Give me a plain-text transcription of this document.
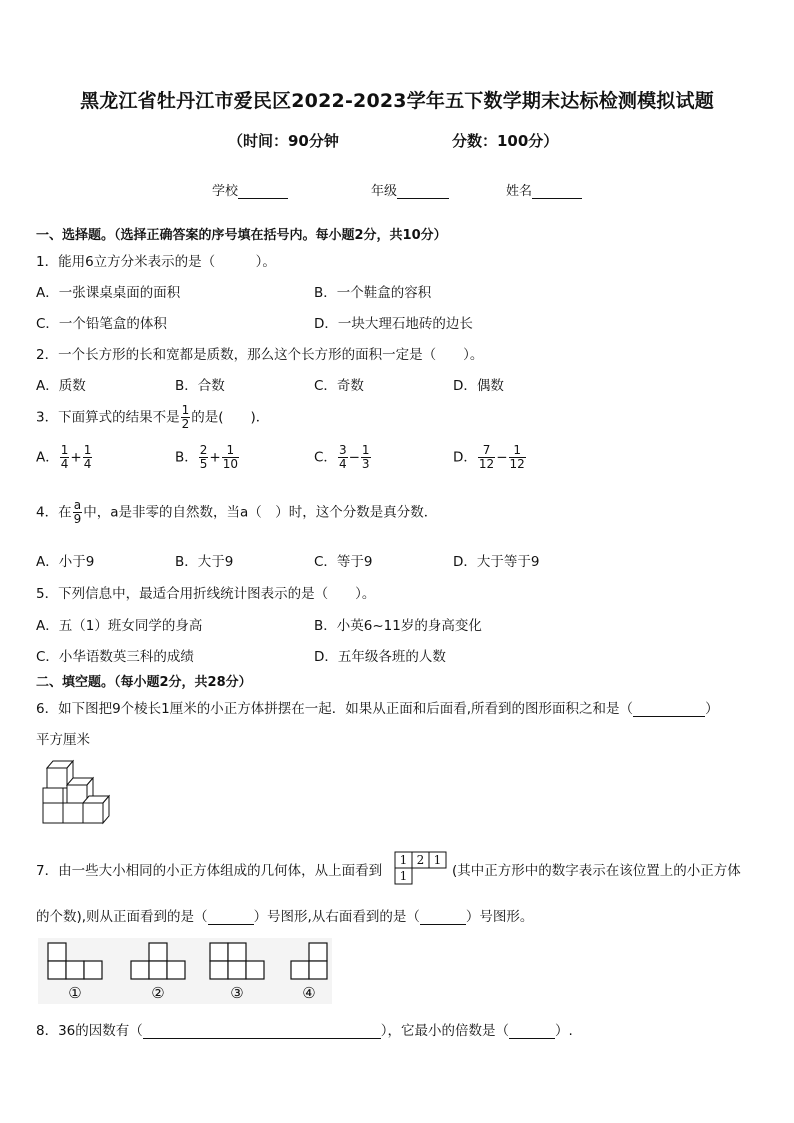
黑龙江省牡丹江市爱民区2022-2023学年五下数学期末达标检测模拟试题
（时间：90分钟	分数：100分）
学校	年级	姓名
一、选择题。（选择正确答案的序号填在括号内。每小题2分，共10分）
1．能用6立方分米表示的是（　　　）。
A．一张课桌桌面的面积	B．一个鞋盒的容积
C．一个铅笔盒的体积	D．一块大理石地砖的边长
2．一个长方形的长和宽都是质数，那么这个长方形的面积一定是（　　）。
A．质数	B．合数	C．奇数	D．偶数
3．下面算式的结果不是 $\frac{1}{2}$ 的是(　　)．
A． $\frac{1}{4} + \frac{1}{4}$	B． $\frac{2}{5} + \frac{1}{10}$	C． $\frac{3}{4} - \frac{1}{3}$	D． $\frac{7}{12} - \frac{1}{12}$
4．在 $\frac{a}{9}$ 中，a是非零的自然数，当a（　）时，这个分数是真分数．
A．小于9	B．大于9	C．等于9	D．大于等于9
5．下列信息中，最适合用折线统计图表示的是（　　）。
A．五（1）班女同学的身高	B．小英6~11岁的身高变化
C．小华语数英三科的成绩	D．五年级各班的人数
二、填空题。（每小题2分，共28分）
6．如下图把9个棱长1厘米的小正方体拼摆在一起．如果从正面和后面看,所看到的图形面积之和是（	）
平方厘米
7．由一些大小相同的小正方体组成的几何体，从上面看到
1 2 1
1	(其中正方形中的数字表示在该位置上的小正方体
的个数),则从正面看到的是（	）号图形,从右面看到的是（	）号图形。
①	②	③	④
8．36的因数有（	），它最小的倍数是（	）.
